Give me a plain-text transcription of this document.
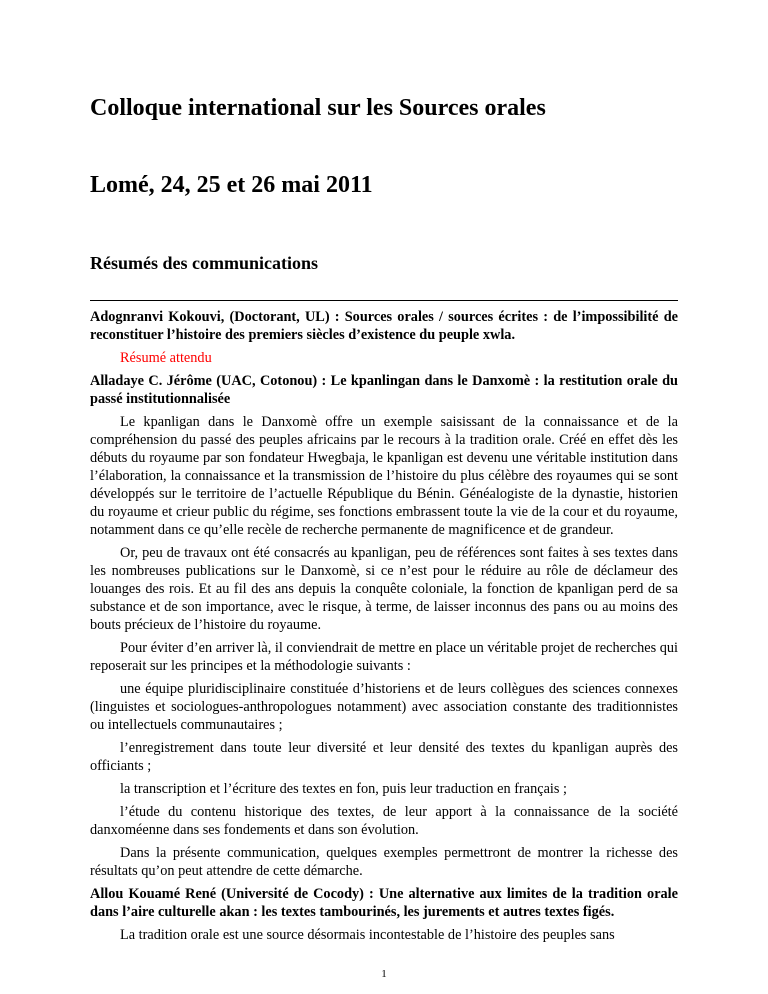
Colloque international sur les Sources orales
Lomé, 24, 25 et 26 mai 2011
Résumés des communications

Adognranvi Kokouvi, (Doctorant, UL) : Sources orales / sources écrites : de l’impossibilité de reconstituer l’histoire des premiers siècles d’existence du peuple xwla.

Résumé attendu

Alladaye C. Jérôme (UAC, Cotonou) : Le kpanlingan dans le Danxomè : la restitution orale du passé institutionnalisée

Le kpanligan dans le Danxomè offre un exemple saisissant de la connaissance et de la compréhension du passé des peuples africains par le recours à la tradition orale. Créé en effet dès les débuts du royaume par son fondateur Hwegbaja, le kpanligan est devenu une véritable institution dans l’élaboration, la connaissance et la transmission de l’histoire du plus célèbre des royaumes qui se sont développés sur le territoire de l’actuelle République du Bénin. Généalogiste de la dynastie, historien du royaume et crieur public du régime, ses fonctions embrassent toute la vie de la cour et du royaume, notamment dans ce qu’elle recèle de recherche permanente de magnificence et de grandeur.

Or, peu de travaux ont été consacrés au kpanligan, peu de références sont faites à ses textes dans les nombreuses publications sur le Danxomè, si ce n’est pour le réduire au rôle de déclameur des louanges des rois. Et au fil des ans depuis la conquête coloniale, la fonction de kpanligan perd de sa substance et de son importance, avec le risque, à terme, de laisser inconnus des pans ou au moins des bouts précieux de l’histoire du royaume.

Pour éviter d’en arriver là, il conviendrait de mettre en place un véritable projet de recherches qui reposerait sur les principes et la méthodologie suivants :

une équipe pluridisciplinaire constituée d’historiens et de leurs collègues des sciences connexes (linguistes et sociologues-anthropologues notamment) avec association constante des traditionnistes ou intellectuels communautaires ;

l’enregistrement dans toute leur diversité et leur densité des textes du kpanligan auprès des officiants ;

la transcription et l’écriture des textes en fon, puis leur traduction en français ;

l’étude du contenu historique des textes, de leur apport à la connaissance de la société danxoméenne dans ses fondements et dans son évolution.

Dans la présente communication, quelques exemples permettront de montrer la richesse des résultats qu’on peut attendre de cette démarche.

Allou Kouamé René (Université de Cocody) : Une alternative aux limites de la tradition orale dans l’aire culturelle akan : les textes tambourinés, les jurements et autres textes figés.

La tradition orale est une source désormais incontestable de l’histoire des peuples sans

1
